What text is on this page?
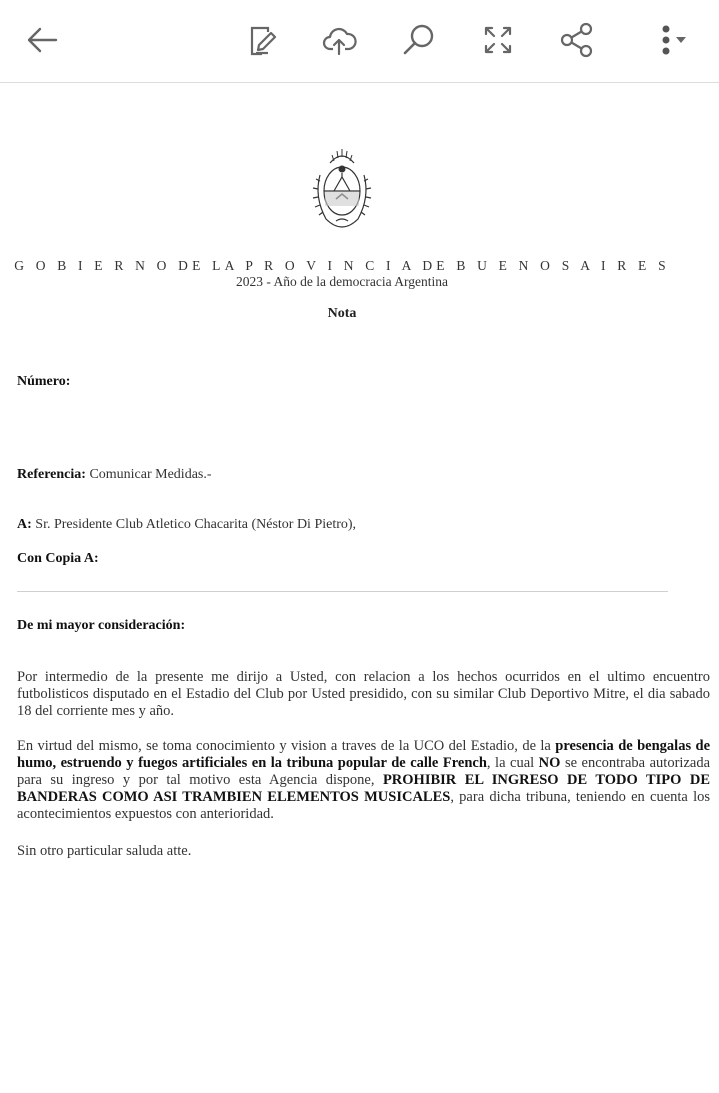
G O B I E R N O DE LA P R O V I N C I A DE B U E N O S A I R E S
2023 - Año de la democracia Argentina
Nota
Número:
Referencia: Comunicar Medidas.-
A: Sr. Presidente Club Atletico Chacarita (Néstor Di Pietro),
Con Copia A:
De mi mayor consideración:
Por intermedio de la presente me dirijo a Usted, con relacion a los hechos ocurridos en el ultimo encuentro futbolisticos disputado en el Estadio del Club por Usted presidido, con su similar Club Deportivo Mitre, el dia sabado 18 del corriente mes y año.
En virtud del mismo, se toma conocimiento y vision a traves de la UCO del Estadio, de la presencia de bengalas de humo, estruendo y fuegos artificiales en la tribuna popular de calle French, la cual NO se encontraba autorizada para su ingreso y por tal motivo esta Agencia dispone, PROHIBIR EL INGRESO DE TODO TIPO DE BANDERAS COMO ASI TRAMBIEN ELEMENTOS MUSICALES, para dicha tribuna, teniendo en cuenta los acontecimientos expuestos con anterioridad.
Sin otro particular saluda atte.
